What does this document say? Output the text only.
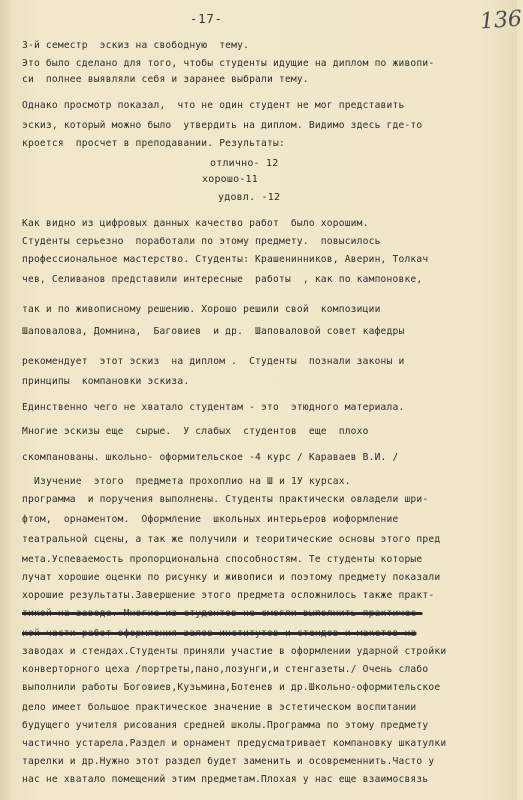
-17-	136
3-й семестр  эскиз на свободную  тему.
Это было сделано для того, чтобы студенты идущие на диплом по живопи-
си  полнее выявляли себя и заранее выбрали тему.
Однако просмотр показал,  что не один студент не мог представить
эскиз, который можно было  утвердить на диплом. Видимо здесь где-то
кроется  просчет в преподавании. Результаты:
отлично- 12
хорошо-11
удовл. -12
Как видно из цифровых данных качество работ  было хорошим.
Студенты серьезно  поработали по этому предмету.  повысилось
профессиональное мастерство. Студенты: Крашенинников, Аверин, Толкач
чев, Селиванов представили интересные  работы  , как по кампоновке,
так и по живописному решению. Хорошо решили свой  композиции
Шаповалова, Домнина,  Баговиев  и др.  Шаповаловой совет кафедры
рекомендует  этот эскиз  на диплом .  Студенты  познали законы и
принципы  компановки эскиза.
Единственно чего не хватало студентам - это  этюдного материала.
Многие эскизы еще  сырые.  У слабых  студентов  еще  плохо
скомпанованы. школьно- оформительское -4 курс / Каравaев В.И. /
Изучение  этого  предмета прохоплио на Ш и 1У курсах.
программа  и поручения выполнены. Студенты практически овладели шри-
фтом,  орнаментом.  Оформление  школьных интерьеров иоформление
театральной сцены, а так же получили и теоритические основы этого пред
мета.Успеваемость пропорциональна способностям. Те студенты которые
лучат хорошие оценки по рисунку и живописи и поэтому предмету показали
хорошие результаты.Завершение этого предмета осложнилось также практ-
тикой на заводе. Многие из студентов не смогли выполнить практичес-
кой части работ оформления залов институтов и стендов и макетов на
заводах и стендах.Студенты приняли участие в оформлении ударной стройки
конверторного цеха /портреты,пано,лозунги,и стенгазеты./ Очень слабо
выполнили работы Боговиев,Кузьмина,Ботенев и др.Школьно-оформительское
дело имеет большое практическое значение в эстетическом воспитании
будущего учителя рисования средней школы.Программа по этому предмету
частично устарела.Раздел и орнамент предусматривает компановку шкатулки
тарелки и др.Нужно этот раздел будет заменить и осовременнить.Часто у
нас не хватало помещений этим предметам.Плохая у нас еще взаимосвязь
